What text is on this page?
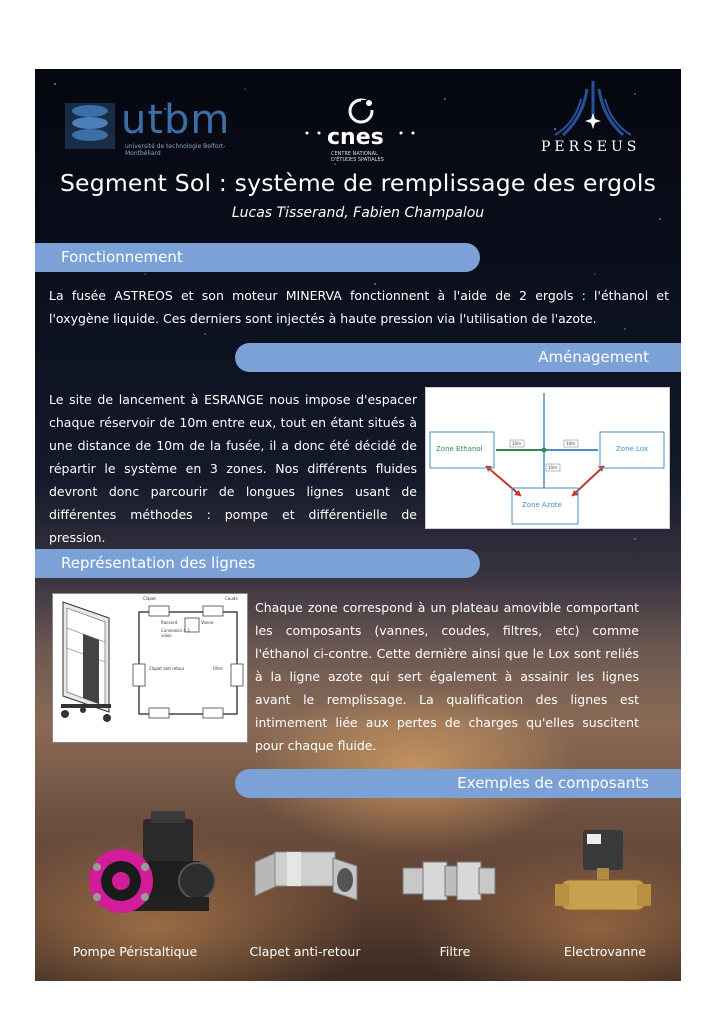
utbm
université de technologie Belfort-Montbéliard
cnes
CENTRE NATIONAL D'ÉTUDES SPATIALES
PERSEUS
Segment Sol : système de remplissage des ergols
Lucas Tisserand, Fabien Champalou
Fonctionnement
La fusée ASTREOS et son moteur MINERVA fonctionnent à l'aide de 2 ergols : l'éthanol et l'oxygène liquide. Ces derniers sont injectés à haute pression via l'utilisation de l'azote.
Aménagement
Le site de lancement à ESRANGE nous impose d'espacer chaque réservoir de 10m entre eux, tout en étant situés à une distance de 10m de la fusée, il a donc été décidé de répartir le système en 3 zones. Nos différents fluides devront donc parcourir de longues lignes usant de différentes méthodes : pompe et différentielle de pression.
Zone Ethanol	Zone Lox
Zone Azote
10m	10m
10m
Représentation des lignes
Clapet	Coude
Raccord	Vanne
Connexion à 3 voies
Clapet anti retour	Filtre
Chaque zone correspond à un plateau amovible comportant les composants (vannes, coudes, filtres, etc) comme l'éthanol ci-contre. Cette dernière ainsi que le Lox sont reliés à la ligne azote qui sert également à assainir les lignes avant le remplissage. La qualification des lignes est intimement liée aux pertes de charges qu'elles suscitent pour chaque fluide.
Exemples de composants
Pompe Péristaltique	Clapet anti-retour	Filtre	Electrovanne
